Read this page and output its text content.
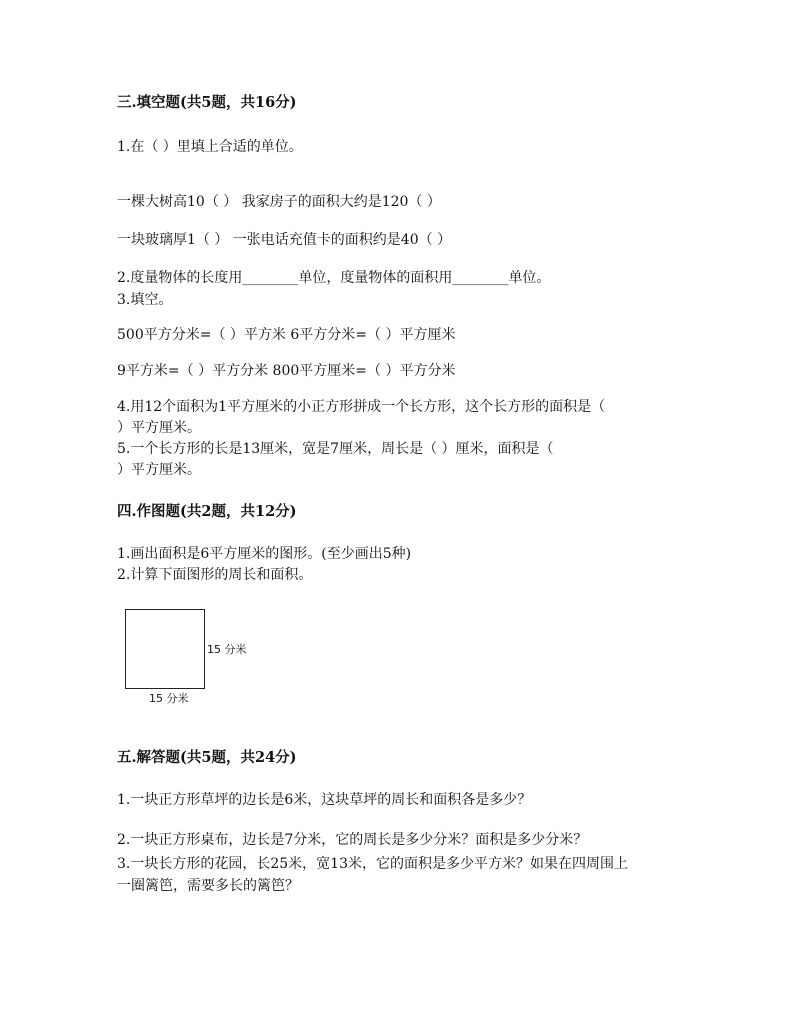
三.填空题(共5题，共16分)
1.在（ ）里填上合适的单位。
一棵大树高10（ ） 我家房子的面积大约是120（ ）
一块玻璃厚1（ ） 一张电话充值卡的面积约是40（ ）
2.度量物体的长度用________单位，度量物体的面积用________单位。
3.填空。
500平方分米=（ ）平方米 6平方分米=（ ）平方厘米
9平方米=（ ）平方分米 800平方厘米=（ ）平方分米
4.用12个面积为1平方厘米的小正方形拼成一个长方形，这个长方形的面积是（
）平方厘米。
5.一个长方形的长是13厘米，宽是7厘米，周长是（ ）厘米，面积是（
）平方厘米。
四.作图题(共2题，共12分)
1.画出面积是6平方厘米的图形。(至少画出5种)
2.计算下面图形的周长和面积。
15 分米
15 分米
五.解答题(共5题，共24分)
1.一块正方形草坪的边长是6米，这块草坪的周长和面积各是多少？
2.一块正方形桌布，边长是7分米，它的周长是多少分米？面积是多少分米？
3.一块长方形的花园，长25米，宽13米，它的面积是多少平方米？如果在四周围上
一圈篱笆，需要多长的篱笆？
